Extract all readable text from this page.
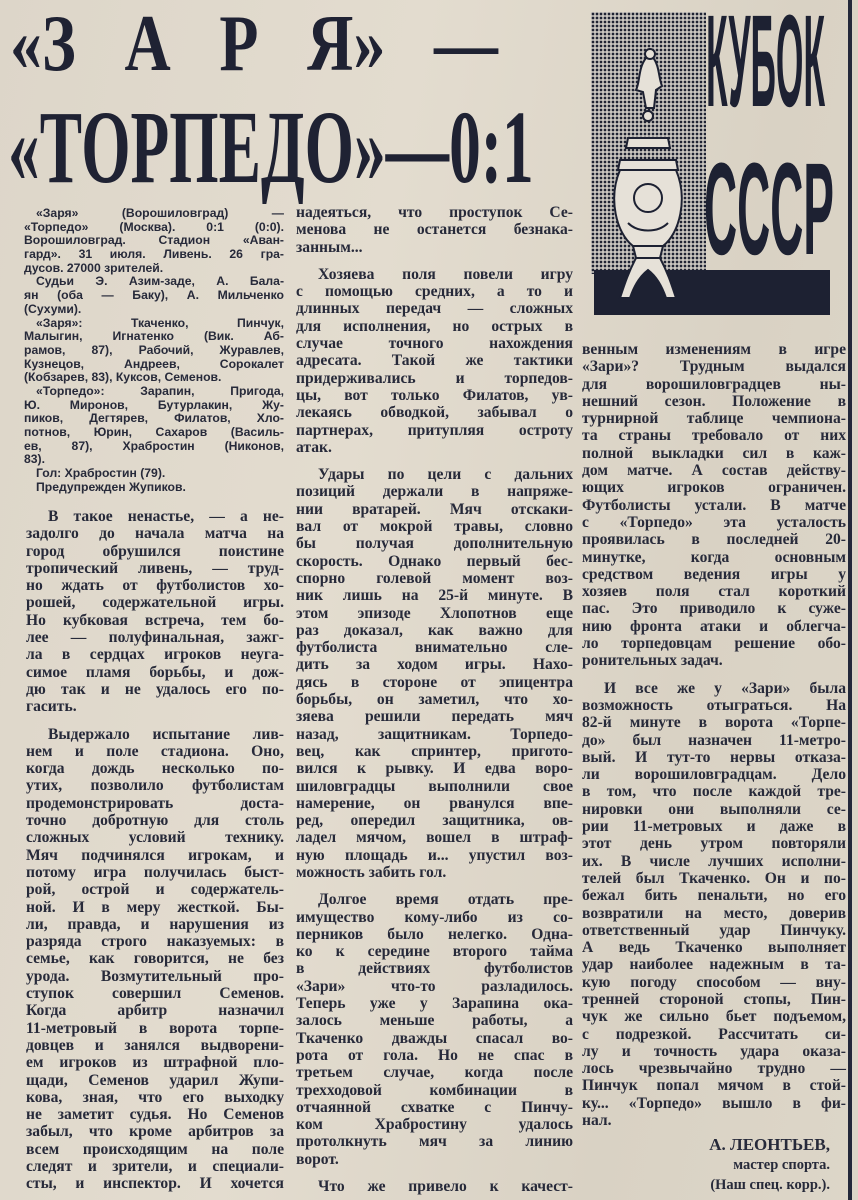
«З А Р Я» —
«ТОРПЕДО»—0:1
КУБОК
СССР
«Заря» (Ворошиловград) —
«Торпедо» (Москва). 0:1 (0:0).
Ворошиловград. Стадион «Аван-
гард». 31 июля. Ливень. 26 гра-
дусов. 27000 зрителей.
Судьи Э. Азим-заде, А. Бала-
ян (оба — Баку), А. Мильченко
(Сухуми).
«Заря»: Ткаченко, Пинчук,
Малыгин, Игнатенко (Вик. Аб-
рамов, 87), Рабочий, Журавлев,
Кузнецов, Андреев, Сорокалет
(Кобзарев, 83), Куксов, Семенов.
«Торпедо»: Зарапин, Пригода,
Ю. Миронов, Бутурлакин, Жу-
пиков, Дегтярев, Филатов, Хло-
потнов, Юрин, Сахаров (Василь-
ев, 87), Храбростин (Никонов,
83).
Гол: Храбростин (79).
Предупрежден Жупиков.
В такое ненастье, — а не-
задолго до начала матча на
город обрушился поистине
тропический ливень, — труд-
но ждать от футболистов хо-
рошей, содержательной игры.
Но кубковая встреча, тем бо-
лее — полуфинальная, зажг-
ла в сердцах игроков неуга-
симое пламя борьбы, и дож-
дю так и не удалось его по-
гасить.
Выдержало испытание лив-
нем и поле стадиона. Оно,
когда дождь несколько по-
утих, позволило футболистам
продемонстрировать доста-
точно добротную для столь
сложных условий технику.
Мяч подчинялся игрокам, и
потому игра получилась быст-
рой, острой и содержатель-
ной. И в меру жесткой. Бы-
ли, правда, и нарушения из
разряда строго наказуемых: в
семье, как говорится, не без
урода. Возмутительный про-
ступок совершил Семенов.
Когда арбитр назначил
11-метровый в ворота торпе-
довцев и занялся выдворени-
ем игроков из штрафной пло-
щади, Семенов ударил Жупи-
кова, зная, что его выходку
не заметит судья. Но Семенов
забыл, что кроме арбитров за
всем происходящим на поле
следят и зрители, и специали-
сты, и инспектор. И хочется
надеяться, что проступок Се-
менова не останется безнака-
занным...
Хозяева поля повели игру
с помощью средних, а то и
длинных передач — сложных
для исполнения, но острых в
случае точного нахождения
адресата. Такой же тактики
придерживались и торпедов-
цы, вот только Филатов, ув-
лекаясь обводкой, забывал о
партнерах, притупляя остроту
атак.
Удары по цели с дальних
позиций держали в напряже-
нии вратарей. Мяч отскаки-
вал от мокрой травы, словно
бы получая дополнительную
скорость. Однако первый бес-
спорно голевой момент воз-
ник лишь на 25-й минуте. В
этом эпизоде Хлопотнов еще
раз доказал, как важно для
футболиста внимательно сле-
дить за ходом игры. Нахо-
дясь в стороне от эпицентра
борьбы, он заметил, что хо-
зяева решили передать мяч
назад, защитникам. Торпедо-
вец, как спринтер, пригото-
вился к рывку. И едва воро-
шиловградцы выполнили свое
намерение, он рванулся впе-
ред, опередил защитника, ов-
ладел мячом, вошел в штраф-
ную площадь и... упустил воз-
можность забить гол.
Долгое время отдать пре-
имущество кому-либо из со-
перников было нелегко. Одна-
ко к середине второго тайма
в действиях футболистов
«Зари» что-то разладилось.
Теперь уже у Зарапина ока-
залось меньше работы, а
Ткаченко дважды спасал во-
рота от гола. Но не спас в
третьем случае, когда после
трехходовой комбинации в
отчаянной схватке с Пинчу-
ком Храбростину удалось
протолкнуть мяч за линию
ворот.
Что же привело к качест-
венным изменениям в игре
«Зари»? Трудным выдался
для ворошиловградцев ны-
нешний сезон. Положение в
турнирной таблице чемпиона-
та страны требовало от них
полной выкладки сил в каж-
дом матче. А состав действу-
ющих игроков ограничен.
Футболисты устали. В матче
с «Торпедо» эта усталость
проявилась в последней 20-
минутке, когда основным
средством ведения игры у
хозяев поля стал короткий
пас. Это приводило к суже-
нию фронта атаки и облегча-
ло торпедовцам решение обо-
ронительных задач.
И все же у «Зари» была
возможность отыграться. На
82-й минуте в ворота «Торпе-
до» был назначен 11-метро-
вый. И тут-то нервы отказа-
ли ворошиловградцам. Дело
в том, что после каждой тре-
нировки они выполняли се-
рии 11-метровых и даже в
этот день утром повторяли
их. В числе лучших исполни-
телей был Ткаченко. Он и по-
бежал бить пенальти, но его
возвратили на место, доверив
ответственный удар Пинчуку.
А ведь Ткаченко выполняет
удар наиболее надежным в та-
кую погоду способом — вну-
тренней стороной стопы, Пин-
чук же сильно бьет подъемом,
с подрезкой. Рассчитать си-
лу и точность удара оказа-
лось чрезвычайно трудно —
Пинчук попал мячом в стой-
ку... «Торпедо» вышло в фи-
нал.
А. ЛЕОНТЬЕВ,
мастер спорта.
(Наш спец. корр.).
